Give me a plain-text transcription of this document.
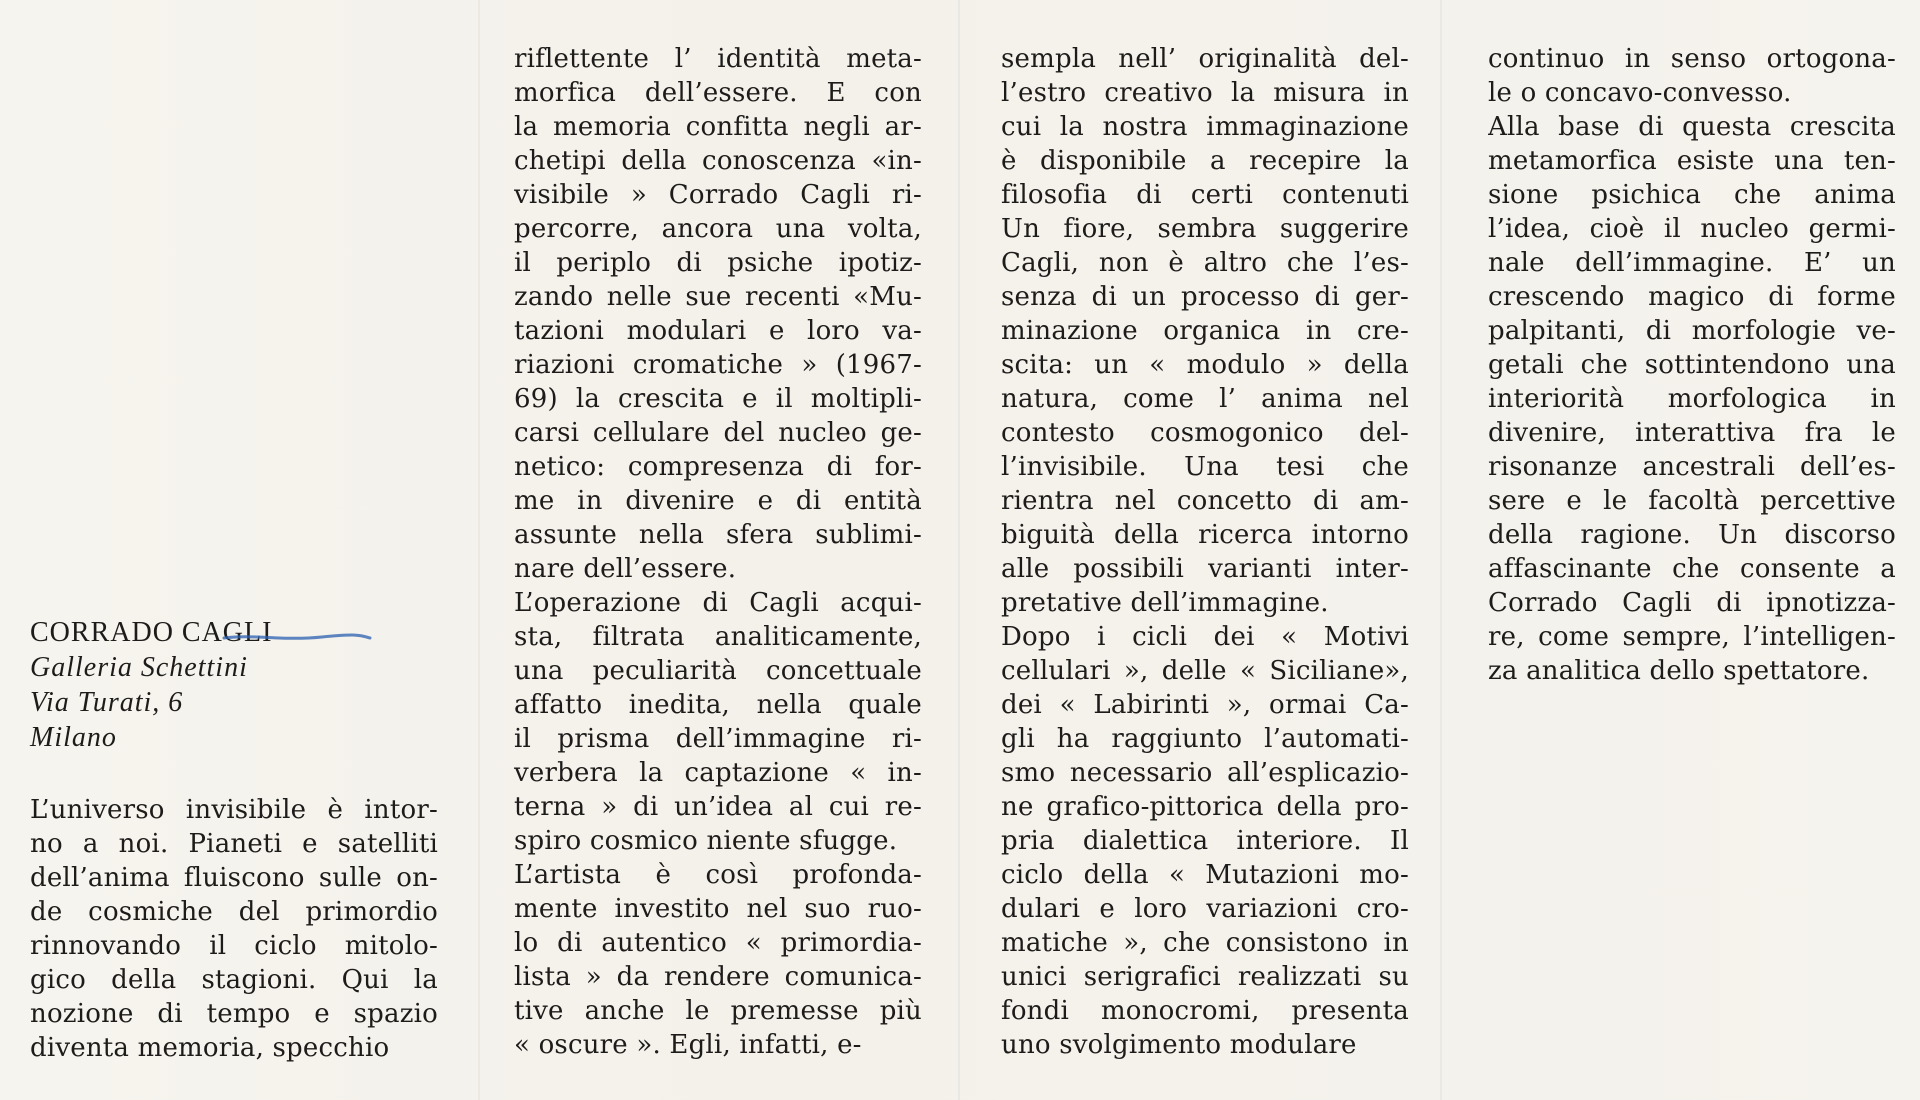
CORRADO CAGLI
Galleria Schettini
Via Turati, 6
Milano
L’universo invisibile è intor-
no a noi. Pianeti e satelliti
dell’anima fluiscono sulle on-
de cosmiche del primordio
rinnovando il ciclo mitolo-
gico della stagioni. Qui la
nozione di tempo e spazio
diventa memoria, specchio
riflettente l’ identità meta-
morfica dell’essere. E con
la memoria confitta negli ar-
chetipi della conoscenza «in-
visibile » Corrado Cagli ri-
percorre, ancora una volta,
il periplo di psiche ipotiz-
zando nelle sue recenti «Mu-
tazioni modulari e loro va-
riazioni cromatiche » (1967-
69) la crescita e il moltipli-
carsi cellulare del nucleo ge-
netico: compresenza di for-
me in divenire e di entità
assunte nella sfera sublimi-
nare dell’essere.
L’operazione di Cagli acqui-
sta, filtrata analiticamente,
una peculiarità concettuale
affatto inedita, nella quale
il prisma dell’immagine ri-
verbera la captazione « in-
terna » di un’idea al cui re-
spiro cosmico niente sfugge.
L’artista è così profonda-
mente investito nel suo ruo-
lo di autentico « primordia-
lista » da rendere comunica-
tive anche le premesse più
« oscure ». Egli, infatti, e-
sempla nell’ originalità del-
l’estro creativo la misura in
cui la nostra immaginazione
è disponibile a recepire la
filosofia di certi contenuti
Un fiore, sembra suggerire
Cagli, non è altro che l’es-
senza di un processo di ger-
minazione organica in cre-
scita: un « modulo » della
natura, come l’ anima nel
contesto cosmogonico del-
l’invisibile. Una tesi che
rientra nel concetto di am-
biguità della ricerca intorno
alle possibili varianti inter-
pretative dell’immagine.
Dopo i cicli dei « Motivi
cellulari », delle « Siciliane»,
dei « Labirinti », ormai Ca-
gli ha raggiunto l’automati-
smo necessario all’esplicazio-
ne grafico-pittorica della pro-
pria dialettica interiore. Il
ciclo della « Mutazioni mo-
dulari e loro variazioni cro-
matiche », che consistono in
unici serigrafici realizzati su
fondi monocromi, presenta
uno svolgimento modulare
continuo in senso ortogona-
le o concavo-convesso.
Alla base di questa crescita
metamorfica esiste una ten-
sione psichica che anima
l’idea, cioè il nucleo germi-
nale dell’immagine. E’ un
crescendo magico di forme
palpitanti, di morfologie ve-
getali che sottintendono una
interiorità morfologica in
divenire, interattiva fra le
risonanze ancestrali dell’es-
sere e le facoltà percettive
della ragione. Un discorso
affascinante che consente a
Corrado Cagli di ipnotizza-
re, come sempre, l’intelligen-
za analitica dello spettatore.
